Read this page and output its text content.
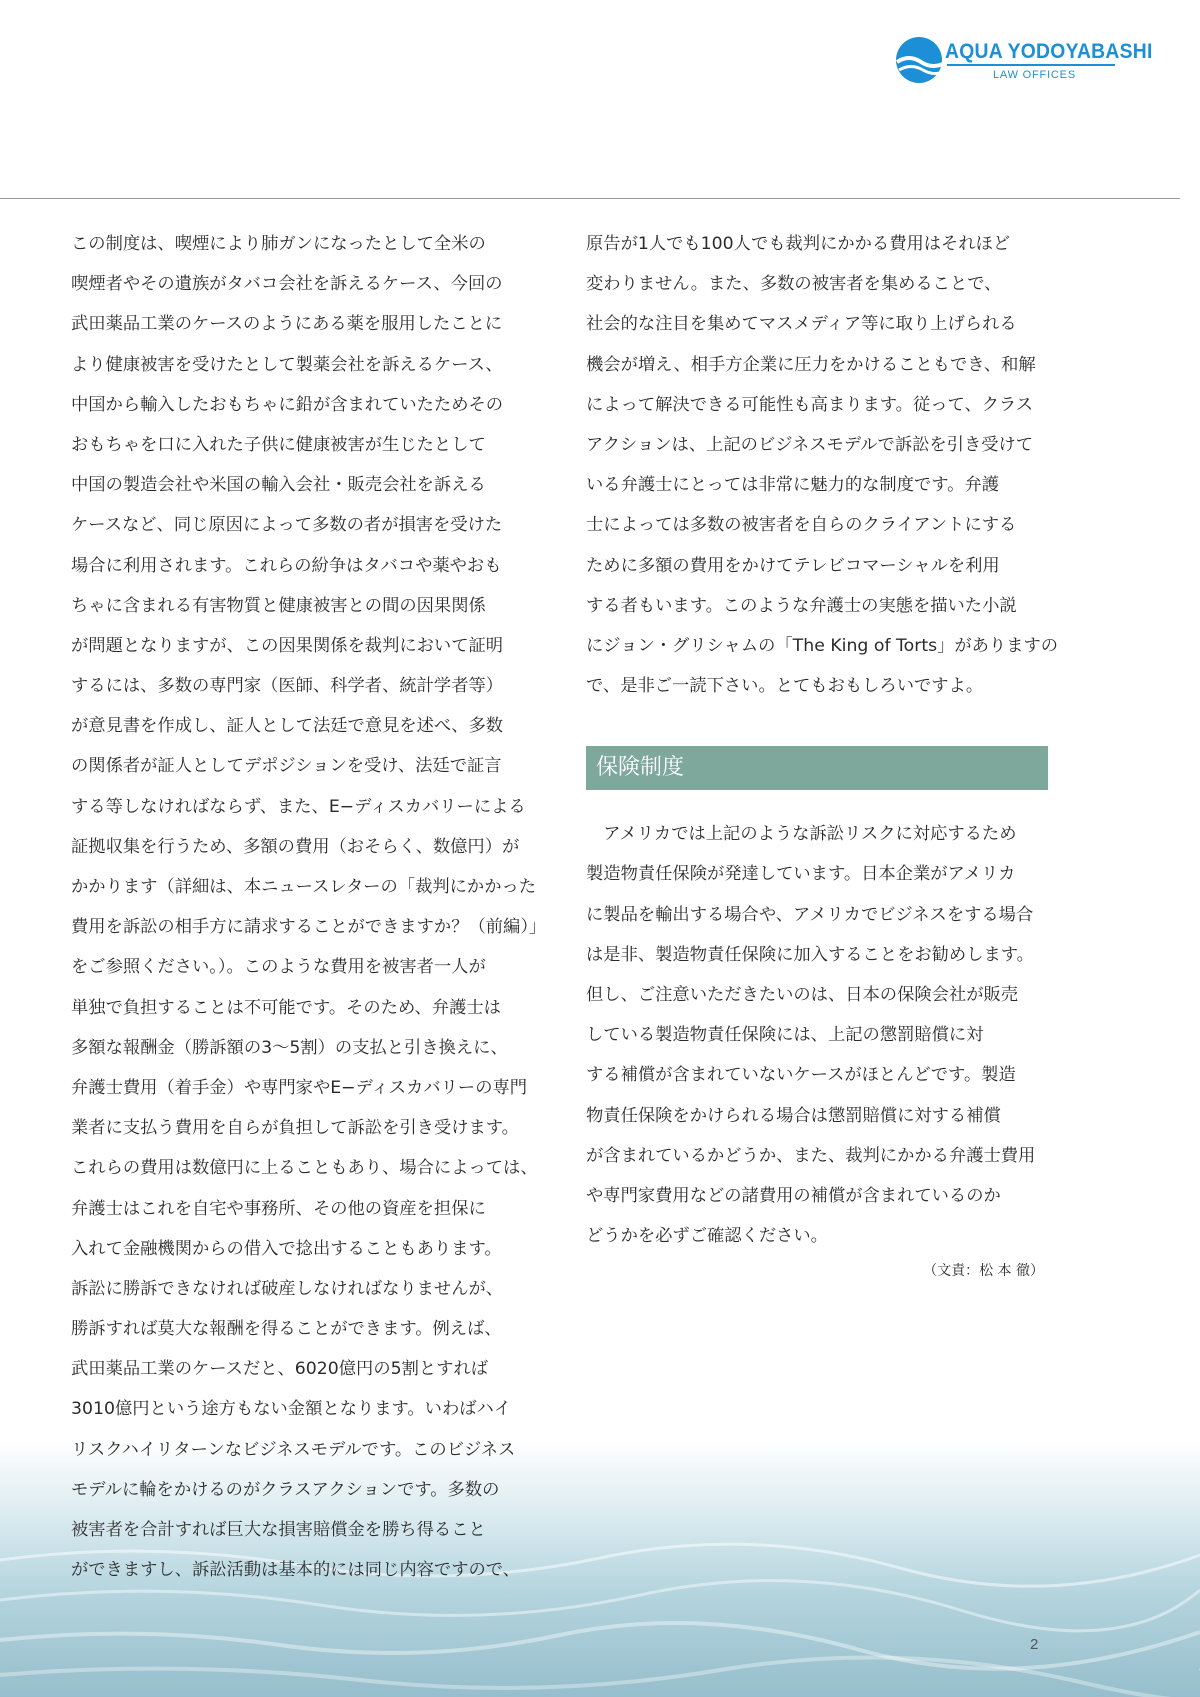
AQUA YODOYABASHI
LAW OFFICES
この制度は、喫煙により肺ガンになったとして全米の
喫煙者やその遺族がタバコ会社を訴えるケース、今回の
武田薬品工業のケースのようにある薬を服用したことに
より健康被害を受けたとして製薬会社を訴えるケース、
中国から輸入したおもちゃに鉛が含まれていたためその
おもちゃを口に入れた子供に健康被害が生じたとして
中国の製造会社や米国の輸入会社・販売会社を訴える
ケースなど、同じ原因によって多数の者が損害を受けた
場合に利用されます。これらの紛争はタバコや薬やおも
ちゃに含まれる有害物質と健康被害との間の因果関係
が問題となりますが、この因果関係を裁判において証明
するには、多数の専門家（医師、科学者、統計学者等）
が意見書を作成し、証人として法廷で意見を述べ、多数
の関係者が証人としてデポジションを受け、法廷で証言
する等しなければならず、また、E−ディスカバリーによる
証拠収集を行うため、多額の費用（おそらく、数億円）が
かかります（詳細は、本ニュースレターの「裁判にかかった
費用を訴訟の相手方に請求することができますか？（前編）」
をご参照ください。）。このような費用を被害者一人が
単独で負担することは不可能です。そのため、弁護士は
多額な報酬金（勝訴額の3〜5割）の支払と引き換えに、
弁護士費用（着手金）や専門家やE−ディスカバリーの専門
業者に支払う費用を自らが負担して訴訟を引き受けます。
これらの費用は数億円に上ることもあり、場合によっては、
弁護士はこれを自宅や事務所、その他の資産を担保に
入れて金融機関からの借入で捻出することもあります。
訴訟に勝訴できなければ破産しなければなりませんが、
勝訴すれば莫大な報酬を得ることができます。例えば、
武田薬品工業のケースだと、6020億円の5割とすれば
3010億円という途方もない金額となります。いわばハイ
リスクハイリターンなビジネスモデルです。このビジネス
モデルに輪をかけるのがクラスアクションです。多数の
被害者を合計すれば巨大な損害賠償金を勝ち得ること
ができますし、訴訟活動は基本的には同じ内容ですので、
原告が1人でも100人でも裁判にかかる費用はそれほど
変わりません。また、多数の被害者を集めることで、
社会的な注目を集めてマスメディア等に取り上げられる
機会が増え、相手方企業に圧力をかけることもでき、和解
によって解決できる可能性も高まります。従って、クラス
アクションは、上記のビジネスモデルで訴訟を引き受けて
いる弁護士にとっては非常に魅力的な制度です。弁護
士によっては多数の被害者を自らのクライアントにする
ために多額の費用をかけてテレビコマーシャルを利用
する者もいます。このような弁護士の実態を描いた小説
にジョン・グリシャムの「The King of Torts」がありますの
で、是非ご一読下さい。とてもおもしろいですよ。
保険制度
　アメリカでは上記のような訴訟リスクに対応するため
製造物責任保険が発達しています。日本企業がアメリカ
に製品を輸出する場合や、アメリカでビジネスをする場合
は是非、製造物責任保険に加入することをお勧めします。
但し、ご注意いただきたいのは、日本の保険会社が販売
している製造物責任保険には、上記の懲罰賠償に対
する補償が含まれていないケースがほとんどです。製造
物責任保険をかけられる場合は懲罰賠償に対する補償
が含まれているかどうか、また、裁判にかかる弁護士費用
や専門家費用などの諸費用の補償が含まれているのか
どうかを必ずご確認ください。
（文責：松 本 徹）
2
